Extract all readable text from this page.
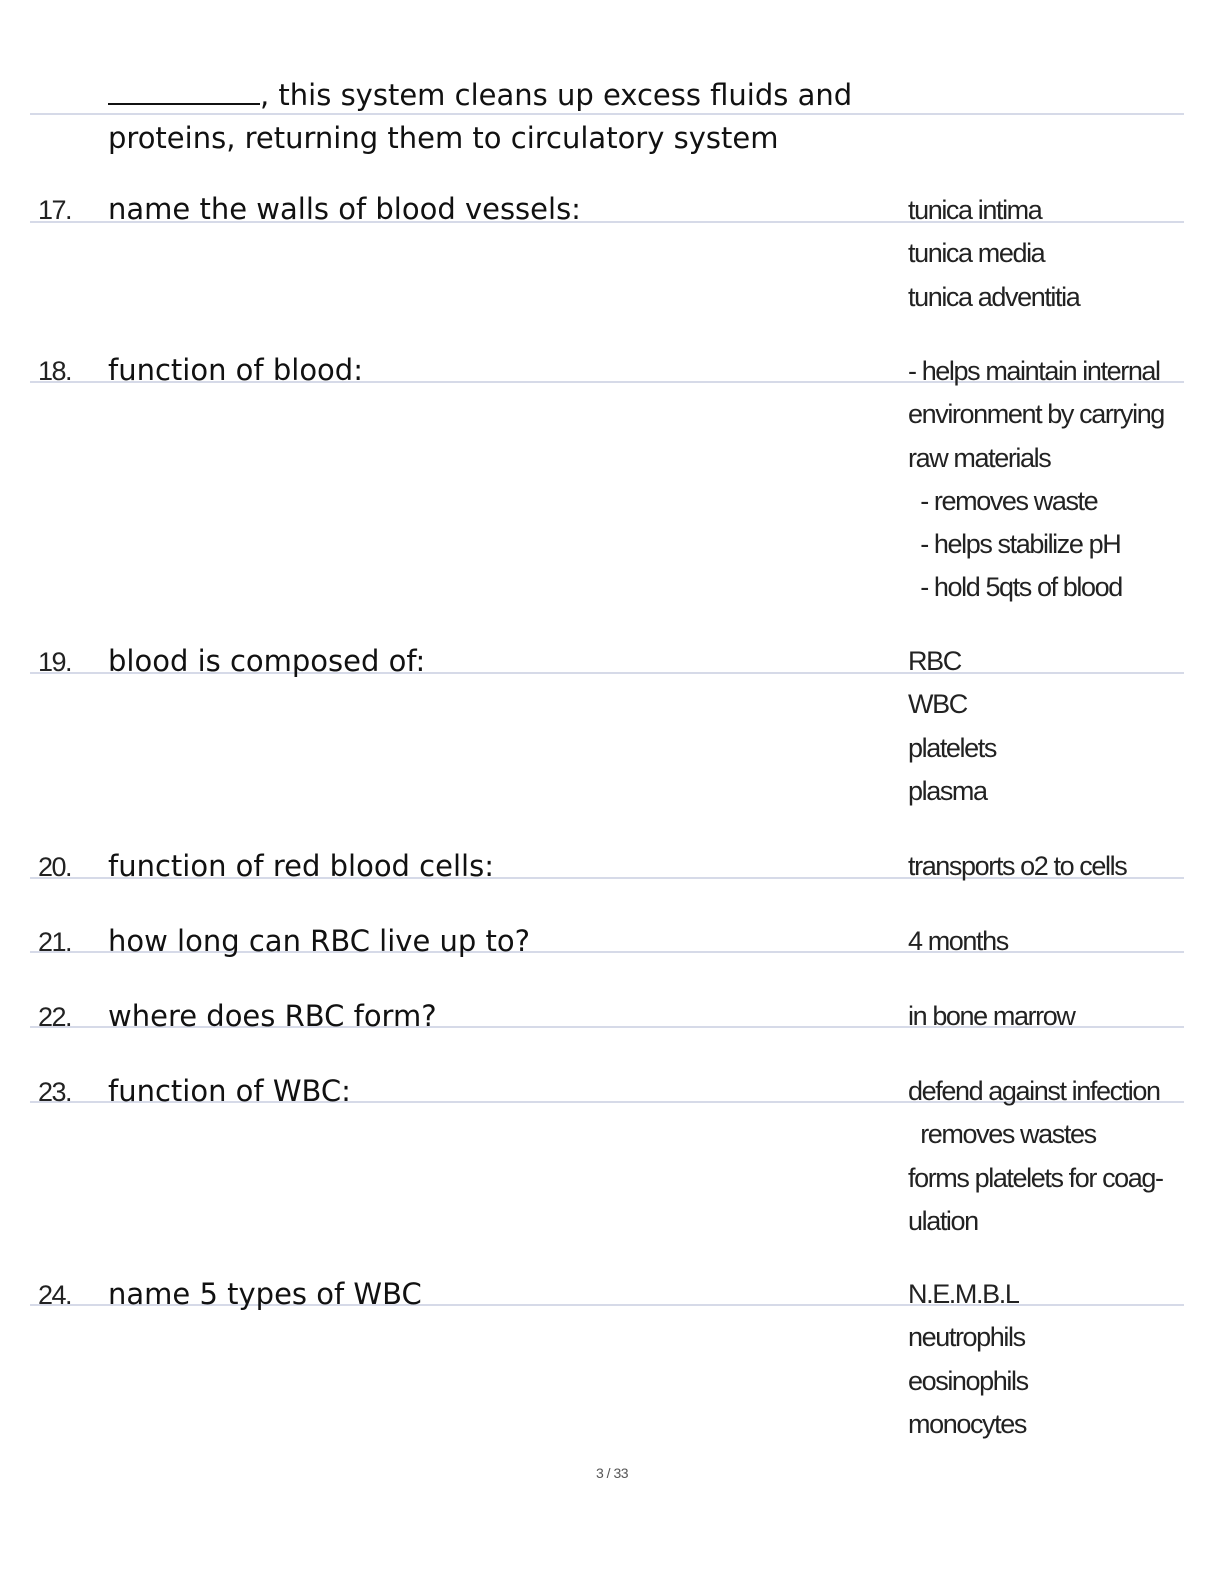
, this system cleans up excess fluids and
proteins, returning them to circulatory system
17. name the walls of blood vessels:	tunica intima
tunica media
tunica adventitia
18. function of blood:	- helps maintain internal
environment by carrying
raw materials
- removes waste
- helps stabilize pH
- hold 5qts of blood
19. blood is composed of:	RBC
WBC
platelets
plasma
20. function of red blood cells:	transports o2 to cells
21. how long can RBC live up to?	4 months
22. where does RBC form?	in bone marrow
23. function of WBC:	defend against infection
removes wastes
forms platelets for coag-
ulation
24. name 5 types of WBC	N.E.M.B.L
neutrophils
eosinophils
monocytes
3 / 33
